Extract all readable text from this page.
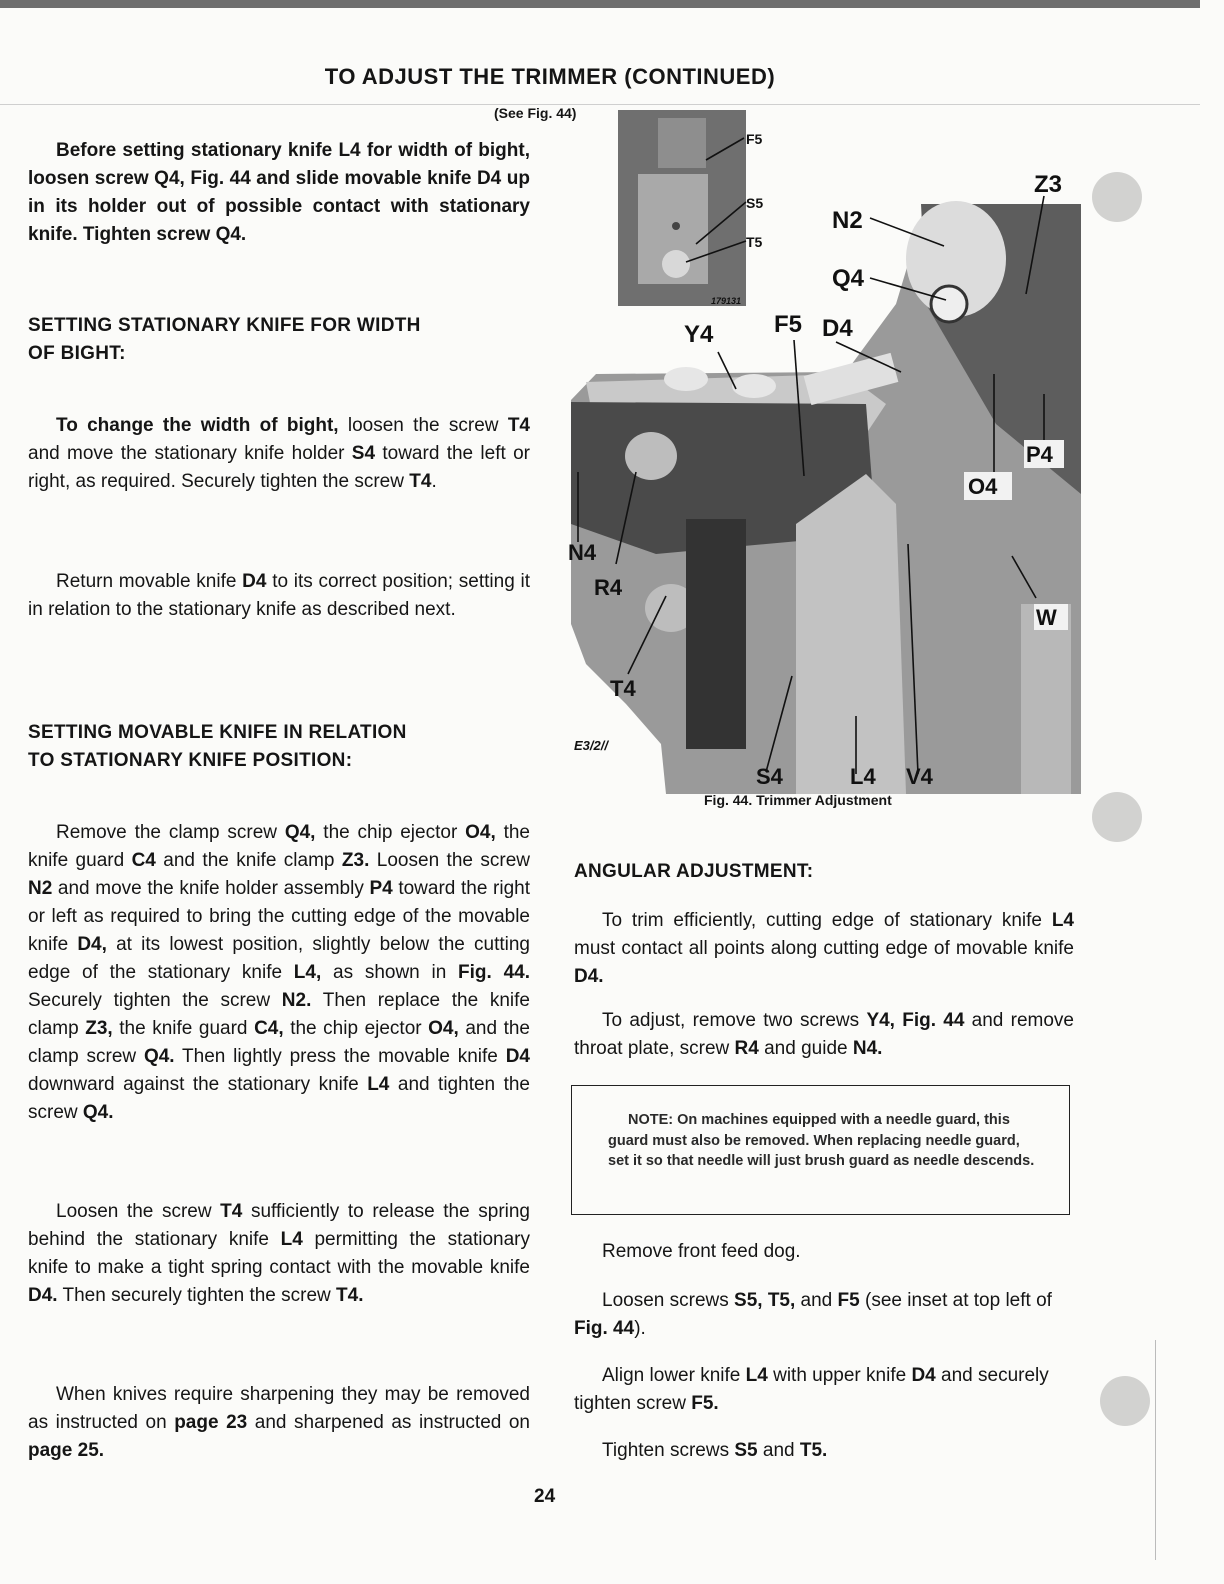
TO ADJUST THE TRIMMER (CONTINUED)
(See Fig. 44)

Before setting stationary knife L4 for width of bight, loosen screw Q4, Fig. 44 and slide movable knife D4 up in its holder out of possible contact with stationary knife. Tighten screw Q4.

SETTING STATIONARY KNIFE FOR WIDTH
OF BIGHT:

To change the width of bight, loosen the screw T4 and move the stationary knife holder S4 toward the left or right, as required. Securely tighten the screw T4.

Return movable knife D4 to its correct position; setting it in relation to the stationary knife as described next.

SETTING MOVABLE KNIFE IN RELATION
TO STATIONARY KNIFE POSITION:

Remove the clamp screw Q4, the chip ejector O4, the knife guard C4 and the knife clamp Z3. Loosen the screw N2 and move the knife holder assembly P4 toward the right or left as required to bring the cutting edge of the movable knife D4, at its lowest position, slightly below the cutting edge of the stationary knife L4, as shown in Fig. 44. Securely tighten the screw N2. Then replace the knife clamp Z3, the knife guard C4, the chip ejector O4, and the clamp screw Q4. Then lightly press the movable knife D4 downward against the stationary knife L4 and tighten the screw Q4.

Loosen the screw T4 sufficiently to release the spring behind the stationary knife L4 permitting the stationary knife to make a tight spring contact with the movable knife D4. Then securely tighten the screw T4.

When knives require sharpening they may be removed as instructed on page 23 and sharpened as instructed on page 25.

F5
S5
T5
179131
Z3
N2
Q4
Y4	F5 D4
P4
O4
N4
R4
W
T4
E3/2//
S4	L4 V4
Fig. 44. Trimmer Adjustment
ANGULAR ADJUSTMENT:

To trim efficiently, cutting edge of stationary knife L4 must contact all points along cutting edge of movable knife D4.

To adjust, remove two screws Y4, Fig. 44 and remove throat plate, screw R4 and guide N4.

NOTE: On machines equipped with a needle guard, this guard must also be removed. When replacing needle guard, set it so that needle will just brush guard as needle descends.

Remove front feed dog.

Loosen screws S5, T5, and F5 (see inset at top left of Fig. 44).

Align lower knife L4 with upper knife D4 and securely tighten screw F5.

Tighten screws S5 and T5.

24
